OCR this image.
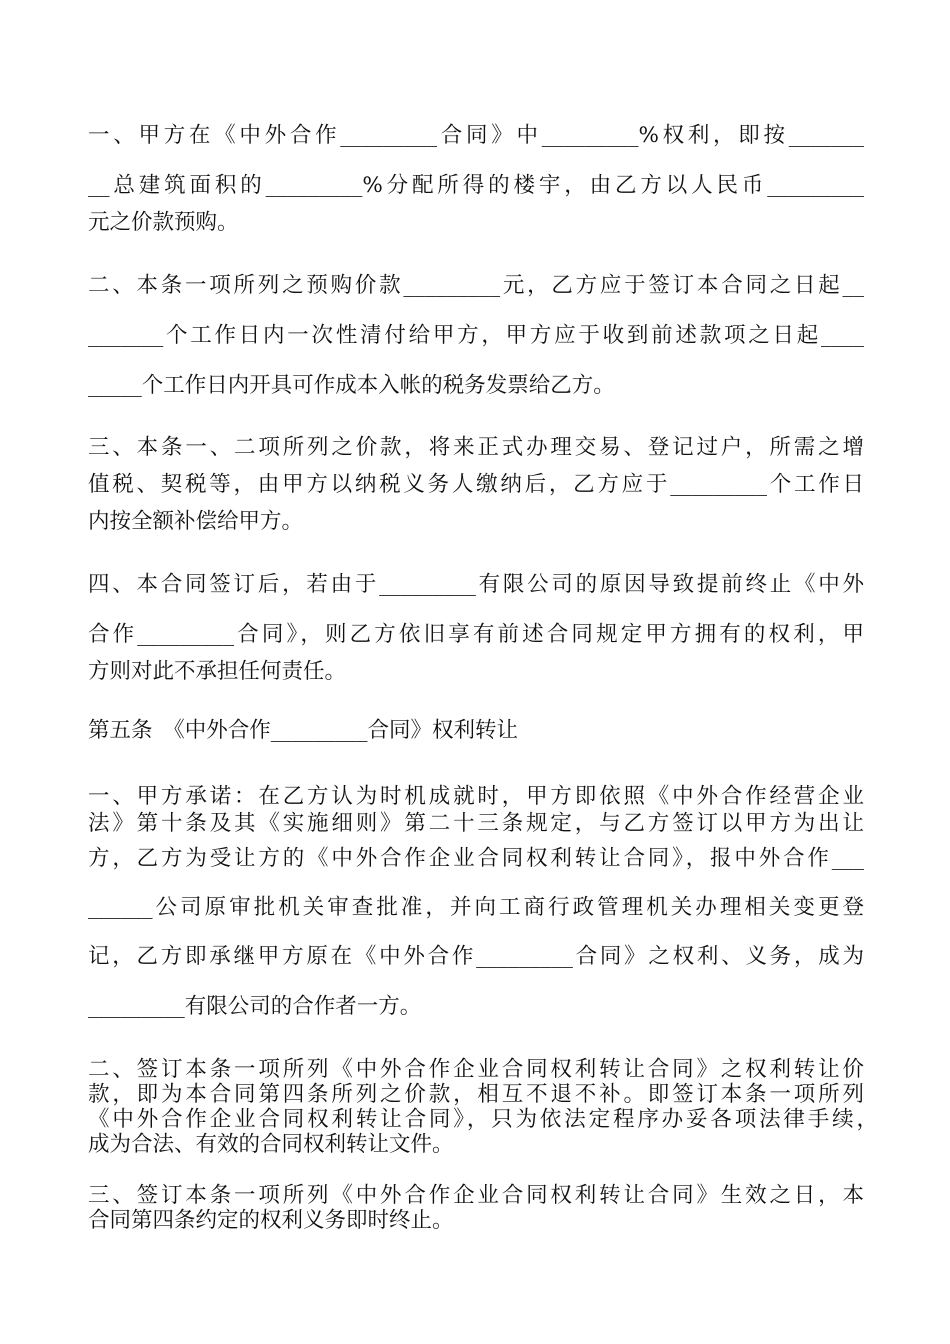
一、甲方在《中外合作_________合同》中_________%权利，即按_______

__总建筑面积的_________%分配所得的楼宇，由乙方以人民币_________

元之价款预购。

二、本条一项所列之预购价款_________元，乙方应于签订本合同之日起__

_______个工作日内一次性清付给甲方，甲方应于收到前述款项之日起____

_____个工作日内开具可作成本入帐的税务发票给乙方。

三、本条一、二项所列之价款，将来正式办理交易、登记过户，所需之增

值税、契税等，由甲方以纳税义务人缴纳后，乙方应于_________个工作日

内按全额补偿给甲方。

四、本合同签订后，若由于_________有限公司的原因导致提前终止《中外

合作_________合同》，则乙方依旧享有前述合同规定甲方拥有的权利，甲

方则对此不承担任何责任。

第五条　《中外合作_________合同》权利转让

一、甲方承诺：在乙方认为时机成就时，甲方即依照《中外合作经营企业

法》第十条及其《实施细则》第二十三条规定，与乙方签订以甲方为出让

方，乙方为受让方的《中外合作企业合同权利转让合同》，报中外合作___

______公司原审批机关审查批准，并向工商行政管理机关办理相关变更登

记，乙方即承继甲方原在《中外合作_________合同》之权利、义务，成为

_________有限公司的合作者一方。

二、签订本条一项所列《中外合作企业合同权利转让合同》之权利转让价

款，即为本合同第四条所列之价款，相互不退不补。即签订本条一项所列

《中外合作企业合同权利转让合同》，只为依法定程序办妥各项法律手续，

成为合法、有效的合同权利转让文件。

三、签订本条一项所列《中外合作企业合同权利转让合同》生效之日，本

合同第四条约定的权利义务即时终止。
